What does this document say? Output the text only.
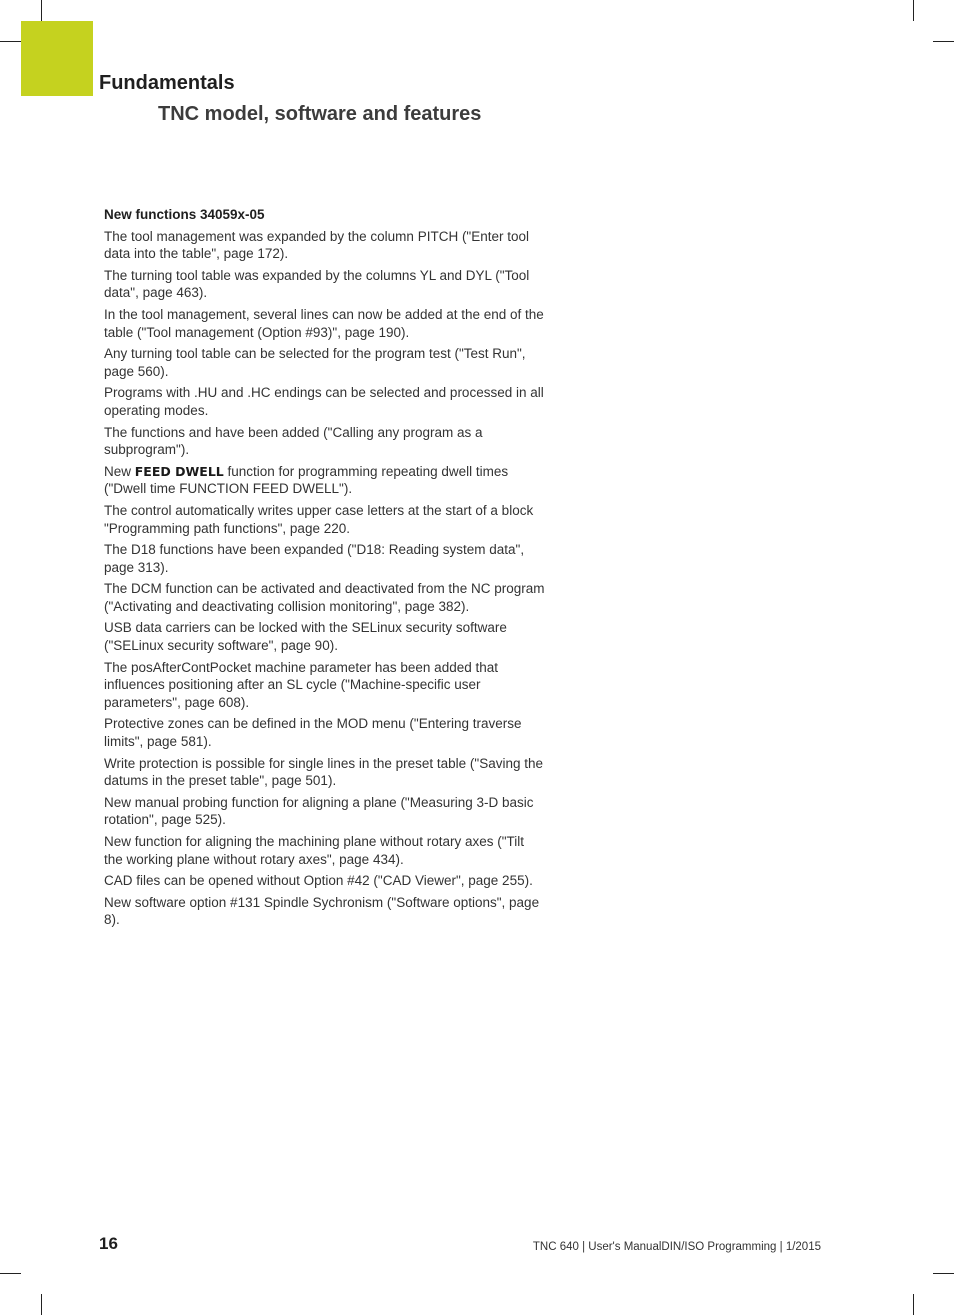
Fundamentals
TNC model, software and features
New functions 34059x-05

The tool management was expanded by the column PITCH ("Enter tool data into the table", page 172).

The turning tool table was expanded by the columns YL and DYL ("Tool data", page 463).

In the tool management, several lines can now be added at the end of the table ("Tool management (Option #93)", page 190).

Any turning tool table can be selected for the program test ("Test Run", page 560).

Programs with .HU and .HC endings can be selected and processed in all operating modes.

The functions and have been added ("Calling any program as a subprogram").

New FEED DWELL function for programming repeating dwell times ("Dwell time FUNCTION FEED DWELL").

The control automatically writes upper case letters at the start of a block "Programming path functions", page 220.

The D18 functions have been expanded ("D18: Reading system data", page 313).

The DCM function can be activated and deactivated from the NC program ("Activating and deactivating collision monitoring", page 382).

USB data carriers can be locked with the SELinux security software ("SELinux security software", page 90).

The posAfterContPocket machine parameter has been added that influences positioning after an SL cycle ("Machine-specific user parameters", page 608).

Protective zones can be defined in the MOD menu ("Entering traverse limits", page 581).

Write protection is possible for single lines in the preset table ("Saving the datums in the preset table", page 501).

New manual probing function for aligning a plane ("Measuring 3-D basic rotation", page 525).

New function for aligning the machining plane without rotary axes ("Tilt the working plane without rotary axes", page 434).

CAD files can be opened without Option #42 ("CAD Viewer", page 255).

New software option #131 Spindle Sychronism ("Software options", page 8).

16	TNC 640 | User's ManualDIN/ISO Programming | 1/2015
